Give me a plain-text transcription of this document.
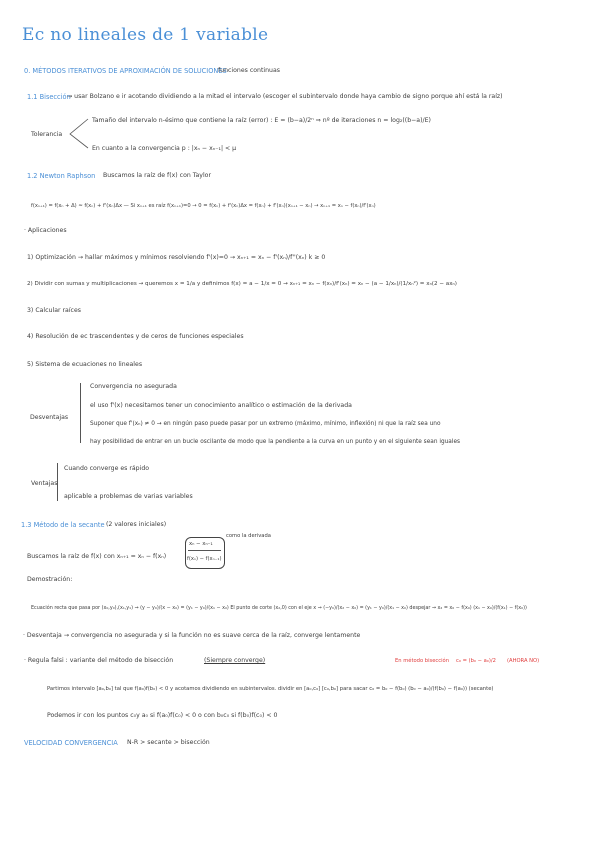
Ec no lineales de 1 variable
0. MÉTODOS ITERATIVOS DE APROXIMACIÓN DE SOLUCIONES
funciones continuas
1.1 Bisección
→ usar Bolzano e ir acotando dividiendo a la mitad el intervalo (escoger el subintervalo donde haya cambio de signo porque ahí está la raíz)
Tolerancia
Tamaño del intervalo n-ésimo que contiene la raíz (error) : E = (b−a)/2ⁿ ⇒ nº de iteraciones n = log₂((b−a)/E)
En cuanto a la convergencia p : |xₙ − xₙ₋₁| < μ
1.2 Newton Raphson Buscamos la raíz de f(x) con Taylor
f(xₙ₊₁) = f(xₙ + Δ) ≃ f(xₙ) + f'(xₙ)Δx — Si xₙ₊₁ es raíz f(xₙ₊₁)=0 → 0 = f(xₙ) + f'(xₙ)Δx = f(xₙ) + f'(xₙ)(xₙ₊₁ − xₙ) → xₙ₊₁ = xₙ − f(xₙ)/f'(xₙ)
· Aplicaciones
1) Optimización → hallar máximos y mínimos resolviendo f'(x)=0 → xₙ₊₁ = xₙ − f'(xₙ)/f''(xₙ) k ≥ 0
2) Dividir con sumas y multiplicaciones → queremos x = 1/a y definimos f(x) = a − 1/x = 0 → xₙ₊₁ = xₙ − f(xₙ)/f'(xₙ) = xₙ − (a − 1/xₙ)/(1/xₙ²) = xₙ(2 − axₙ)
3) Calcular raíces
4) Resolución de ec trascendentes y de ceros de funciones especiales
5) Sistema de ecuaciones no lineales
Desventajas
Convergencia no asegurada
el uso f'(x) necesitamos tener un conocimiento analítico o estimación de la derivada
Suponer que f'(xₙ) ≠ 0 → en ningún paso puede pasar por un extremo (máximo, mínimo, inflexión) ni que la raíz sea uno
hay posibilidad de entrar en un bucle oscilante de modo que la pendiente a la curva en un punto y en el siguiente sean iguales
Ventajas
Cuando converge es rápido
aplicable a problemas de varias variables
1.3 Método de la secante (2 valores iniciales)
Buscamos la raíz de f(x) con xₙ₊₁ = xₙ − f(xₙ)
xₙ − xₙ₋₁
f(xₙ) − f(xₙ₋₁)
como la derivada
Demostración:
Ecuación recta que pasa por (x₀,y₀),(x₁,y₁) → (y − y₀)/(x − x₀) = (y₁ − y₀)/(x₁ − x₀) El punto de corte (x₂,0) con el eje x → (−y₀)/(x₂ − x₀) = (y₁ − y₀)/(x₁ − x₀) despejar → x₂ = x₀ − f(x₀) (x₁ − x₀)/(f(x₁) − f(x₀))
· Desventaja → convergencia no asegurada y si la función no es suave cerca de la raíz, converge lentamente
· Regula falsi : variante del método de bisección	(Siempre converge)	En método bisección c₀ = (b₀ − a₀)/2 (AHORA NO)
Partimos intervalo [a₀,b₀] tal que f(a₀)f(b₀) < 0 y acotamos dividiendo en subintervalos. dividir en [a₀,c₀] [c₀,b₀] para sacar c₀ = b₀ − f(b₀) (b₀ − a₀)/(f(b₀) − f(a₀)) (secante)
Podemos ir con los puntos c₀y a₀ si f(a₀)f(c₀) < 0 o con b₀c₀ si f(b₀)f(c₀) < 0
VELOCIDAD CONVERGENCIA N-R > secante > bisección
